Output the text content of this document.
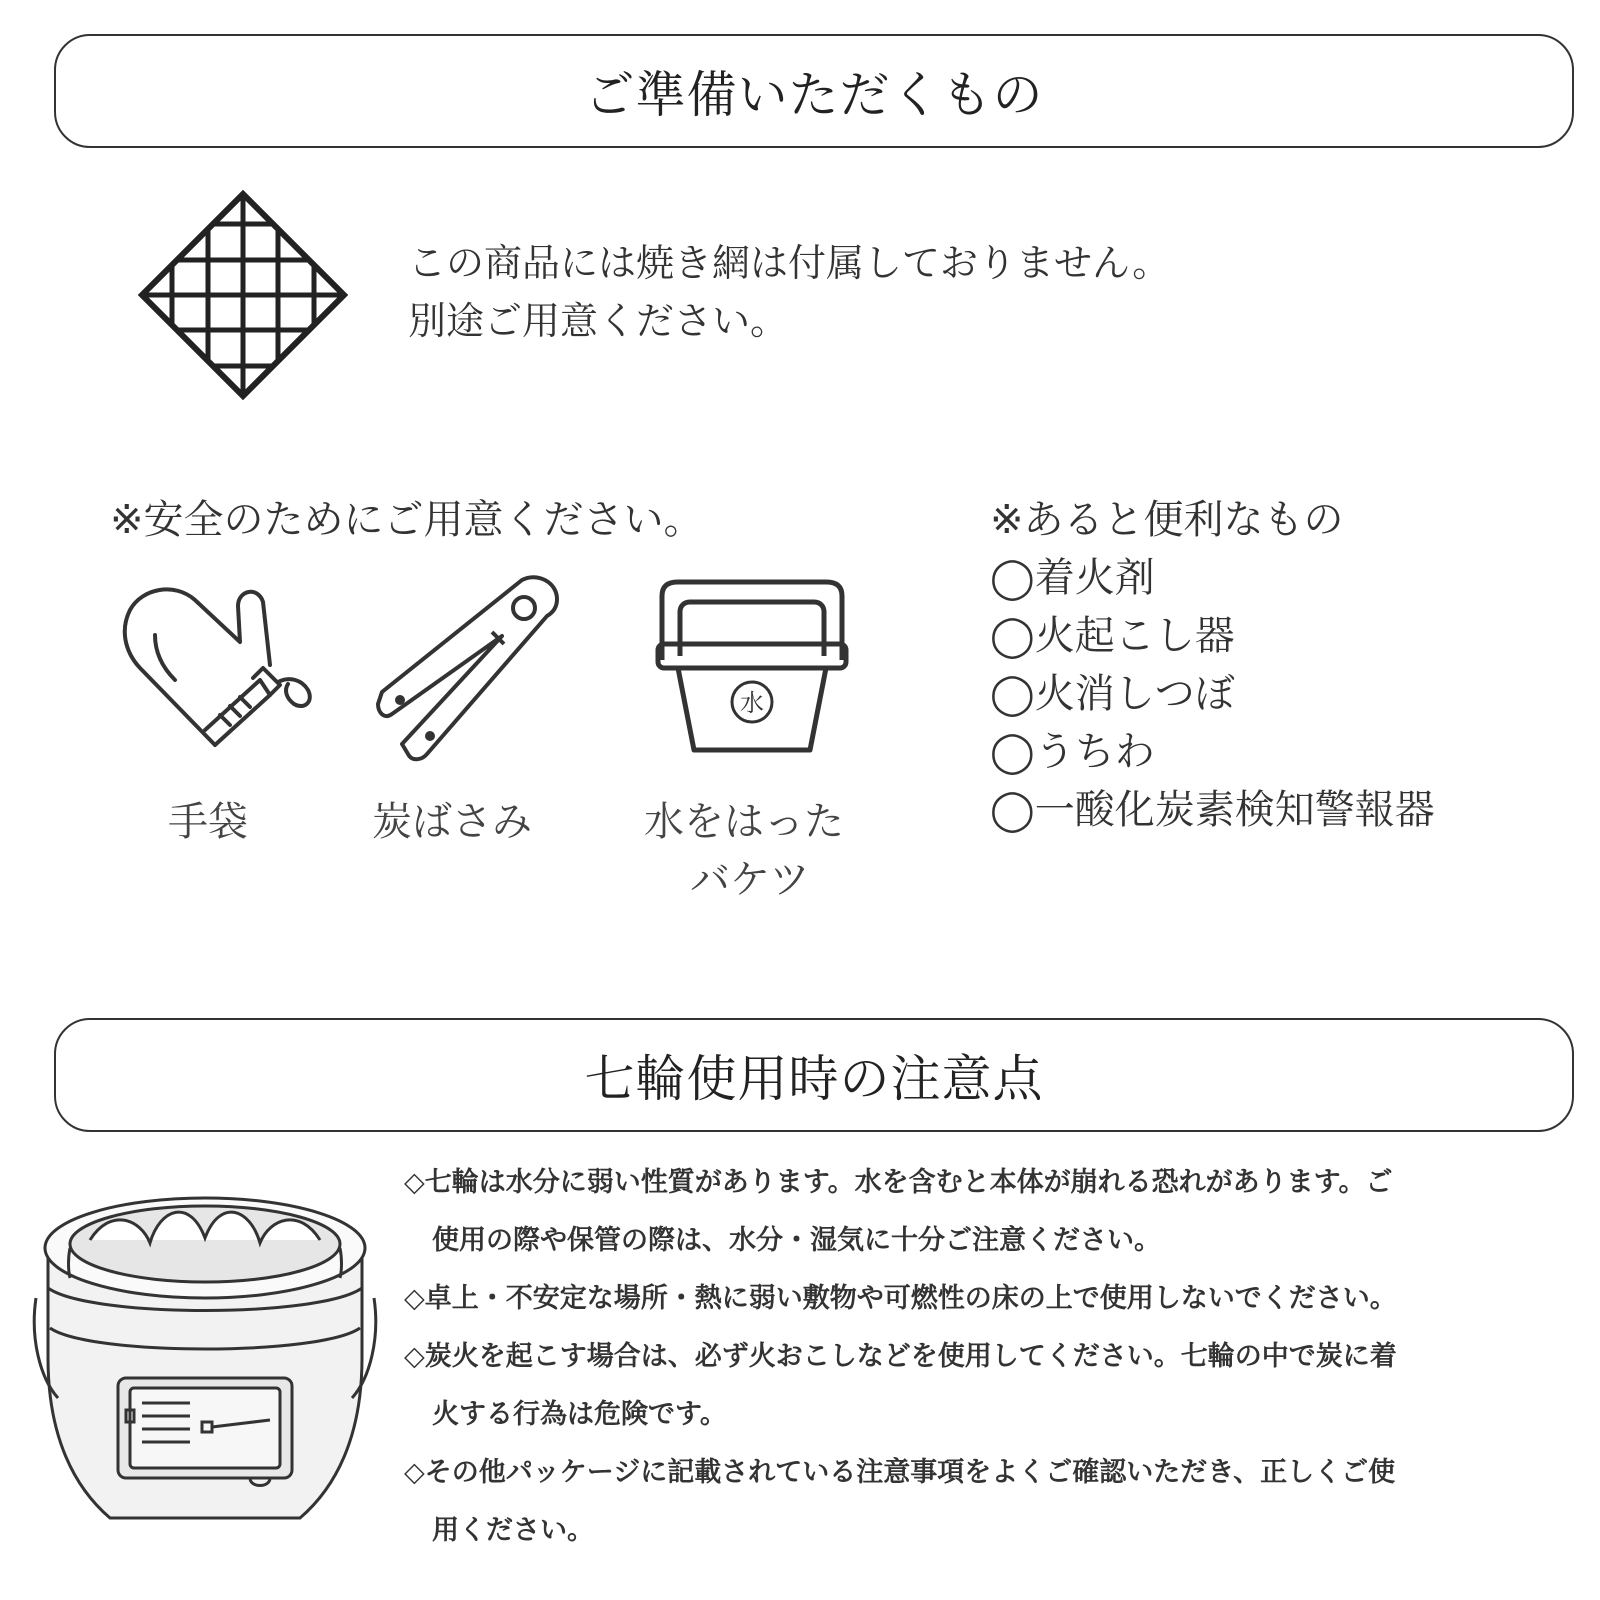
ご準備いただくもの
この商品には焼き網は付属しておりません。
別途ご用意ください。
※安全のためにご用意ください。
手袋	炭ばさみ
水
水をはった
バケツ
※あると便利なもの
◯着火剤
◯火起こし器
◯火消しつぼ
◯うちわ
◯一酸化炭素検知警報器
七輪使用時の注意点
◇七輪は水分に弱い性質があります。水を含むと本体が崩れる恐れがあります。ご
使用の際や保管の際は、水分・湿気に十分ご注意ください。
◇卓上・不安定な場所・熱に弱い敷物や可燃性の床の上で使用しないでください。
◇炭火を起こす場合は、必ず火おこしなどを使用してください。七輪の中で炭に着
火する行為は危険です。
◇その他パッケージに記載されている注意事項をよくご確認いただき、正しくご使
用ください。
